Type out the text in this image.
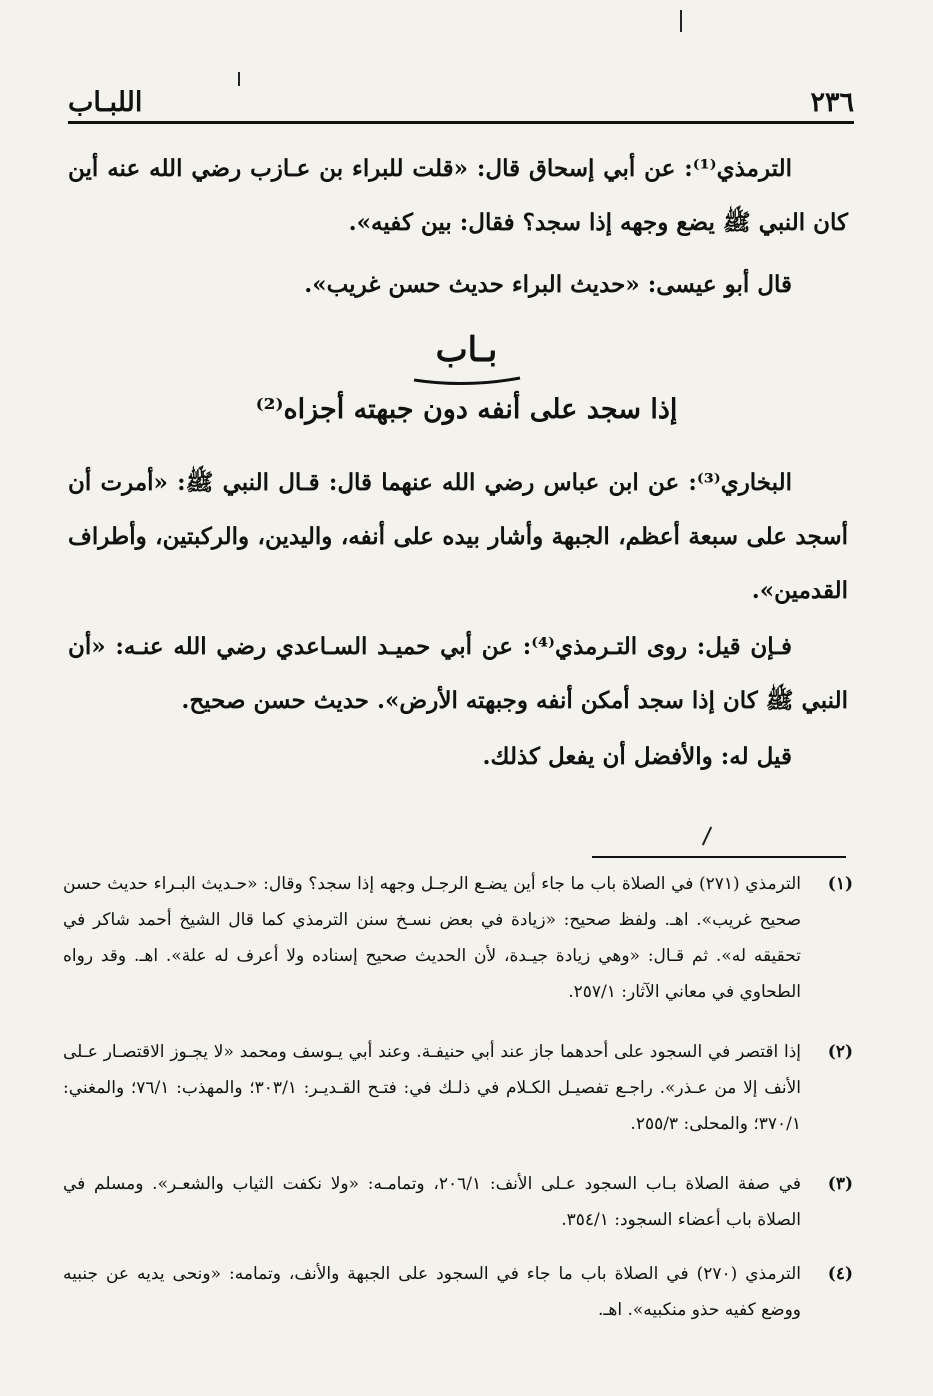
اللبـاب	٢٣٦
الترمذي⁽¹⁾: عن أبي إسحاق قال: «قلت للبراء بن عـازب رضي الله عنه أين كان النبي ﷺ يضع وجهه إذا سجد؟ فقال: بين كفيه».
قال أبو عيسى: «حديث البراء حديث حسن غريب».
بـاب
إذا سجد على أنفه دون جبهته أجزاه⁽²⁾
البخاري⁽³⁾: عن ابن عباس رضي الله عنهما قال: قـال النبي ﷺ: «أمرت أن أسجد على سبعة أعظم، الجبهة وأشار بيده على أنفه، واليدين، والركبتين، وأطراف القدمين».
فـإن قيل: روى التـرمذي⁽⁴⁾: عن أبي حميـد السـاعدي رضي الله عنـه: «أن النبي ﷺ كان إذا سجد أمكن أنفه وجبهته الأرض». حديث حسن صحيح.
قيل له: والأفضل أن يفعل كذلك.
(١)
الترمذي (٢٧١) في الصلاة باب ما جاء أين يضـع الرجـل وجهه إذا سجد؟ وقال: «حـديث البـراء حديث حسن صحيح غريب». اهـ. ولفظ صحيح: «زيادة في بعض نسـخ سنن الترمذي كما قال الشيخ أحمد شاكر في تحقيقه له». ثم قـال: «وهي زيادة جيـدة، لأن الحديث صحيح إسناده ولا أعرف له علة». اهـ. وقد رواه الطحاوي في معاني الآثار: ٢٥٧/١.
(٢)
إذا اقتصر في السجود على أحدهما جاز عند أبي حنيفـة. وعند أبي يـوسف ومحمد «لا يجـوز الاقتصـار عـلى الأنف إلا من عـذر». راجـع تفصيـل الكـلام في ذلـك في: فتـح القـديـر: ٣٠٣/١؛ والمهذب: ٧٦/١؛ والمغني: ٣٧٠/١؛ والمحلى: ٢٥٥/٣.
(٣)
في صفة الصلاة بـاب السجود عـلى الأنف: ٢٠٦/١، وتمامـه: «ولا نكفت الثياب والشعـر». ومسلم في الصلاة باب أعضاء السجود: ٣٥٤/١.
(٤)
الترمذي (٢٧٠) في الصلاة باب ما جاء في السجود على الجبهة والأنف، وتمامه: «ونحى يديه عن جنبيه ووضع كفيه حذو منكبيه». اهـ.
